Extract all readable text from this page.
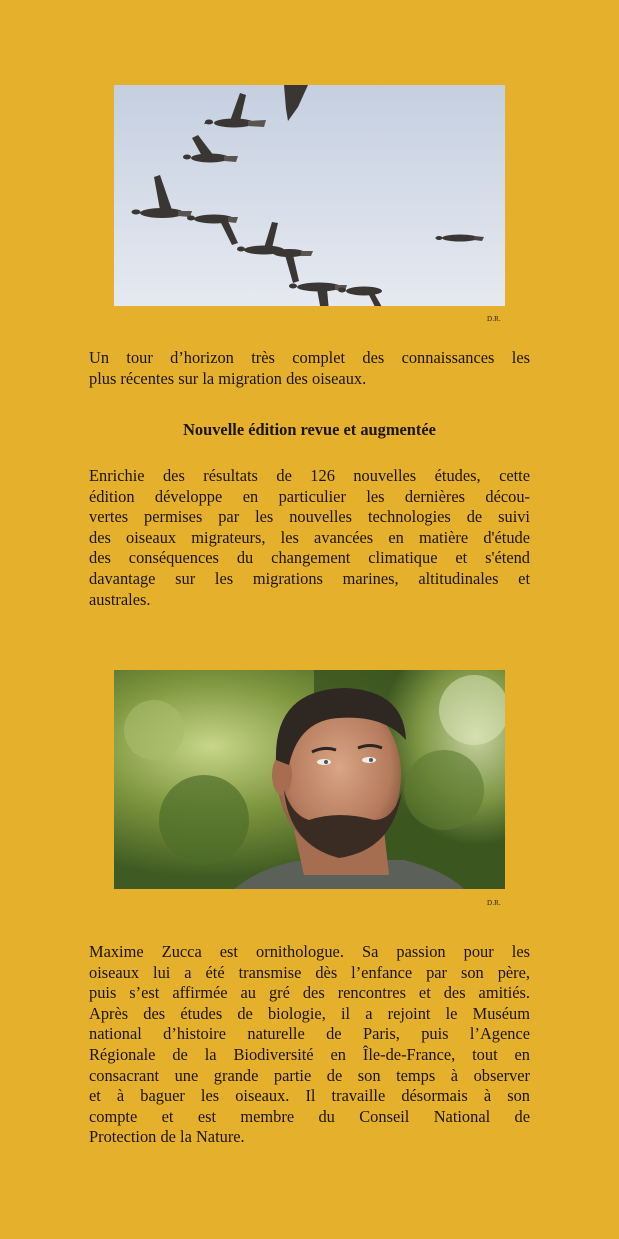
D.R.
Un tour d’horizon très complet des connaissances les
plus récentes sur la migration des oiseaux.
Nouvelle édition revue et augmentée
Enrichie des résultats de 126 nouvelles études, cette
édition développe en particulier les dernières décou-
vertes permises par les nouvelles technologies de suivi
des oiseaux migrateurs, les avancées en matière d'étude
des conséquences du changement climatique et s'étend
davantage sur les migrations marines, altitudinales et
australes.
D.R.
Maxime Zucca est ornithologue. Sa passion pour les
oiseaux lui a été transmise dès l’enfance par son père,
puis s’est affirmée au gré des rencontres et des amitiés.
Après des études de biologie, il a rejoint le Muséum
national d’histoire naturelle de Paris, puis l’Agence
Régionale de la Biodiversité en Île-de-France, tout en
consacrant une grande partie de son temps à observer
et à baguer les oiseaux. Il travaille désormais à son
compte et est membre du Conseil National de
Protection de la Nature.
